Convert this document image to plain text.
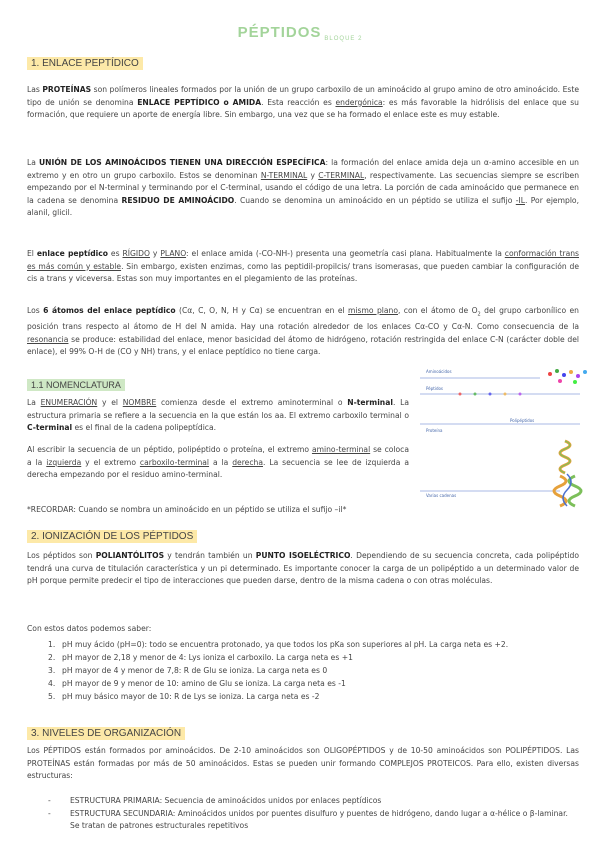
PÉPTIDOS $_{BLOQUE 2}$
1. ENLACE PEPTÍDICO
Las PROTEÍNAS son polímeros lineales formados por la unión de un grupo carboxilo de un aminoácido al grupo amino de otro aminoácido. Este tipo de unión se denomina ENLACE PEPTÍDICO o AMIDA. Esta reacción es endergónica: es más favorable la hidrólisis del enlace que su formación, que requiere un aporte de energía libre. Sin embargo, una vez que se ha formado el enlace este es muy estable.
La UNIÓN DE LOS AMINOÁCIDOS TIENEN UNA DIRECCIÓN ESPECÍFICA: la formación del enlace amida deja un α-amino accesible en un extremo y en otro un grupo carboxilo. Estos se denominan N-TERMINAL y C-TERMINAL, respectivamente. Las secuencias siempre se escriben empezando por el N-terminal y terminando por el C-terminal, usando el código de una letra. La porción de cada aminoácido que permanece en la cadena se denomina RESIDUO DE AMINOÁCIDO. Cuando se denomina un aminoácido en un péptido se utiliza el sufijo -IL. Por ejemplo, alanil, glicil.
El enlace peptídico es RÍGIDO y PLANO: el enlace amida (-CO-NH-) presenta una geometría casi plana. Habitualmente la conformación trans es más común y estable. Sin embargo, existen enzimas, como las peptidil-propilcis/ trans isomerasas, que pueden cambiar la configuración de cis a trans y viceversa. Estas son muy importantes en el plegamiento de las proteínas.
Los 6 átomos del enlace peptídico (Cα, C, O, N, H y Cα) se encuentran en el mismo plano, con el átomo de $O_2$ del grupo carbonílico en posición trans respecto al átomo de H del N amida. Hay una rotación alrededor de los enlaces Cα-CO y Cα-N. Como consecuencia de la resonancia se produce: estabilidad del enlace, menor basicidad del átomo de hidrógeno, rotación restringida del enlace C-N (carácter doble del enlace), el 99% O-H de (CO y NH) trans, y el enlace peptídico no tiene carga.
1.1 NOMENCLATURA
La ENUMERACIÓN y el NOMBRE comienza desde el extremo aminoterminal o N-terminal. La estructura primaria se refiere a la secuencia en la que están los aa. El extremo carboxilo terminal o C-terminal es el final de la cadena polipeptídica.
Al escribir la secuencia de un péptido, polipéptido o proteína, el extremo amino-terminal se coloca a la izquierda y el extremo carboxilo-terminal a la derecha. La secuencia se lee de izquierda a derecha empezando por el residuo amino-terminal.
*RECORDAR: Cuando se nombra un aminoácido en un péptido se utiliza el sufijo –il*
Aminoácidos
Péptidos
Polipéptidos
Proteína
Varias cadenas
2. IONIZACIÓN DE LOS PÉPTIDOS
Los péptidos son POLIANTÓLITOS y tendrán también un PUNTO ISOELÉCTRICO. Dependiendo de su secuencia concreta, cada polipéptido tendrá una curva de titulación característica y un pi determinado. Es importante conocer la carga de un polipéptido a un determinado valor de pH porque permite predecir el tipo de interacciones que pueden darse, dentro de la misma cadena o con otras moléculas.
Con estos datos podemos saber:
1. pH muy ácido (pH=0): todo se encuentra protonado, ya que todos los pKa son superiores al pH. La carga neta es +2.
2. pH mayor de 2,18 y menor de 4: Lys ioniza el carboxilo. La carga neta es +1
3. pH mayor de 4 y menor de 7,8: R de Glu se ioniza. La carga neta es 0
4. pH mayor de 9 y menor de 10: amino de Glu se ioniza. La carga neta es -1
5. pH muy básico mayor de 10: R de Lys se ioniza. La carga neta es -2
3. NIVELES DE ORGANIZACIÓN
Los PÉPTIDOS están formados por aminoácidos. De 2-10 aminoácidos son OLIGOPÉPTIDOS y de 10-50 aminoácidos son POLIPÉPTIDOS. Las PROTEÍNAS están formadas por más de 50 aminoácidos. Estas se pueden unir formando COMPLEJOS PROTEICOS. Para ello, existen diversas estructuras:
-	ESTRUCTURA PRIMARIA: Secuencia de aminoácidos unidos por enlaces peptídicos
-	ESTRUCTURA SECUNDARIA: Aminoácidos unidos por puentes disulfuro y puentes de hidrógeno, dando lugar a α-hélice o β-laminar. Se tratan de patrones estructurales repetitivos
